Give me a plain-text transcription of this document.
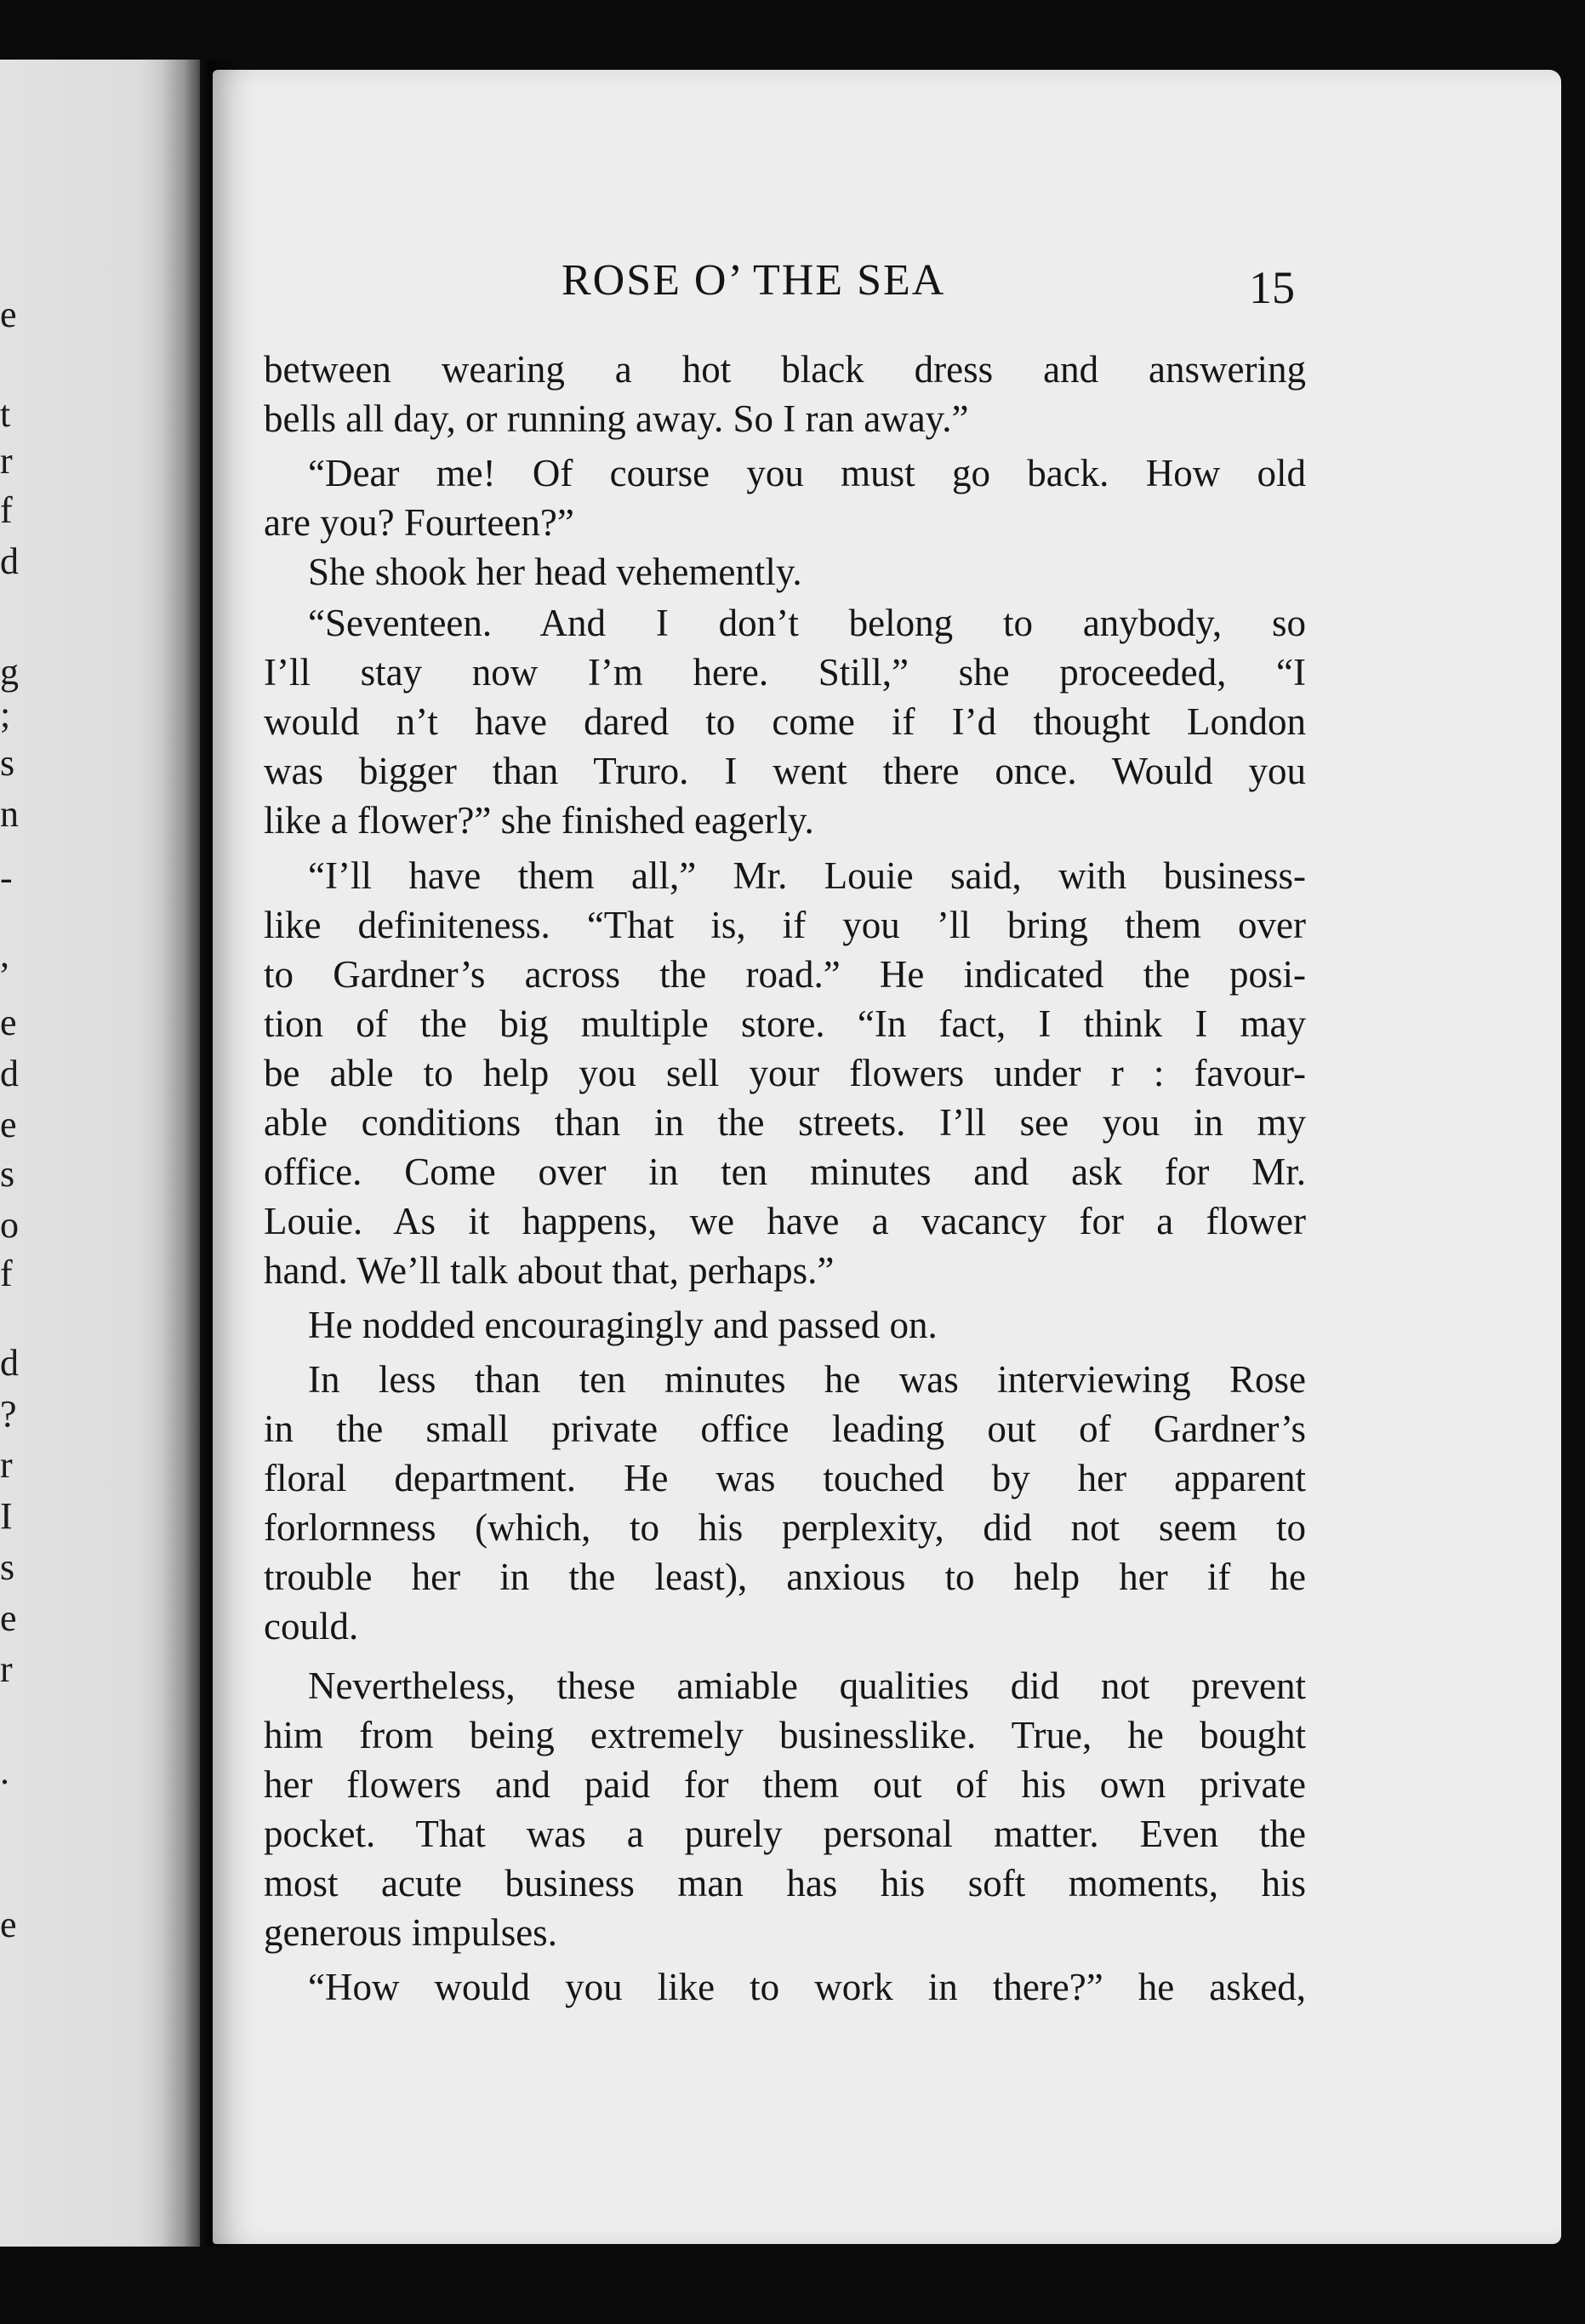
e
t
r
f
d
g
;
s
n
-
,
e
d
e
s
o
f
d
?
r
I
s
e
r
.
e
ROSE O’ THE SEA	15
between wearing a hot black dress and answering
bells all day, or running away. So I ran away.”
“Dear me! Of course you must go back. How old
are you? Fourteen?”
She shook her head vehemently.
“Seventeen. And I don’t belong to anybody, so
I’ll stay now I’m here. Still,” she proceeded, “I
would n’t have dared to come if I’d thought London
was bigger than Truro. I went there once. Would you
like a flower?” she finished eagerly.
“I’ll have them all,” Mr. Louie said, with business-
like definiteness. “That is, if you ’ll bring them over
to Gardner’s across the road.” He indicated the posi-
tion of the big multiple store. “In fact, I think I may
be able to help you sell your flowers under r : favour-
able conditions than in the streets. I’ll see you in my
office. Come over in ten minutes and ask for Mr.
Louie. As it happens, we have a vacancy for a flower
hand. We’ll talk about that, perhaps.”
He nodded encouragingly and passed on.
In less than ten minutes he was interviewing Rose
in the small private office leading out of Gardner’s
floral department. He was touched by her apparent
forlornness (which, to his perplexity, did not seem to
trouble her in the least), anxious to help her if he
could.
Nevertheless, these amiable qualities did not prevent
him from being extremely businesslike. True, he bought
her flowers and paid for them out of his own private
pocket. That was a purely personal matter. Even the
most acute business man has his soft moments, his
generous impulses.
“How would you like to work in there?” he asked,
